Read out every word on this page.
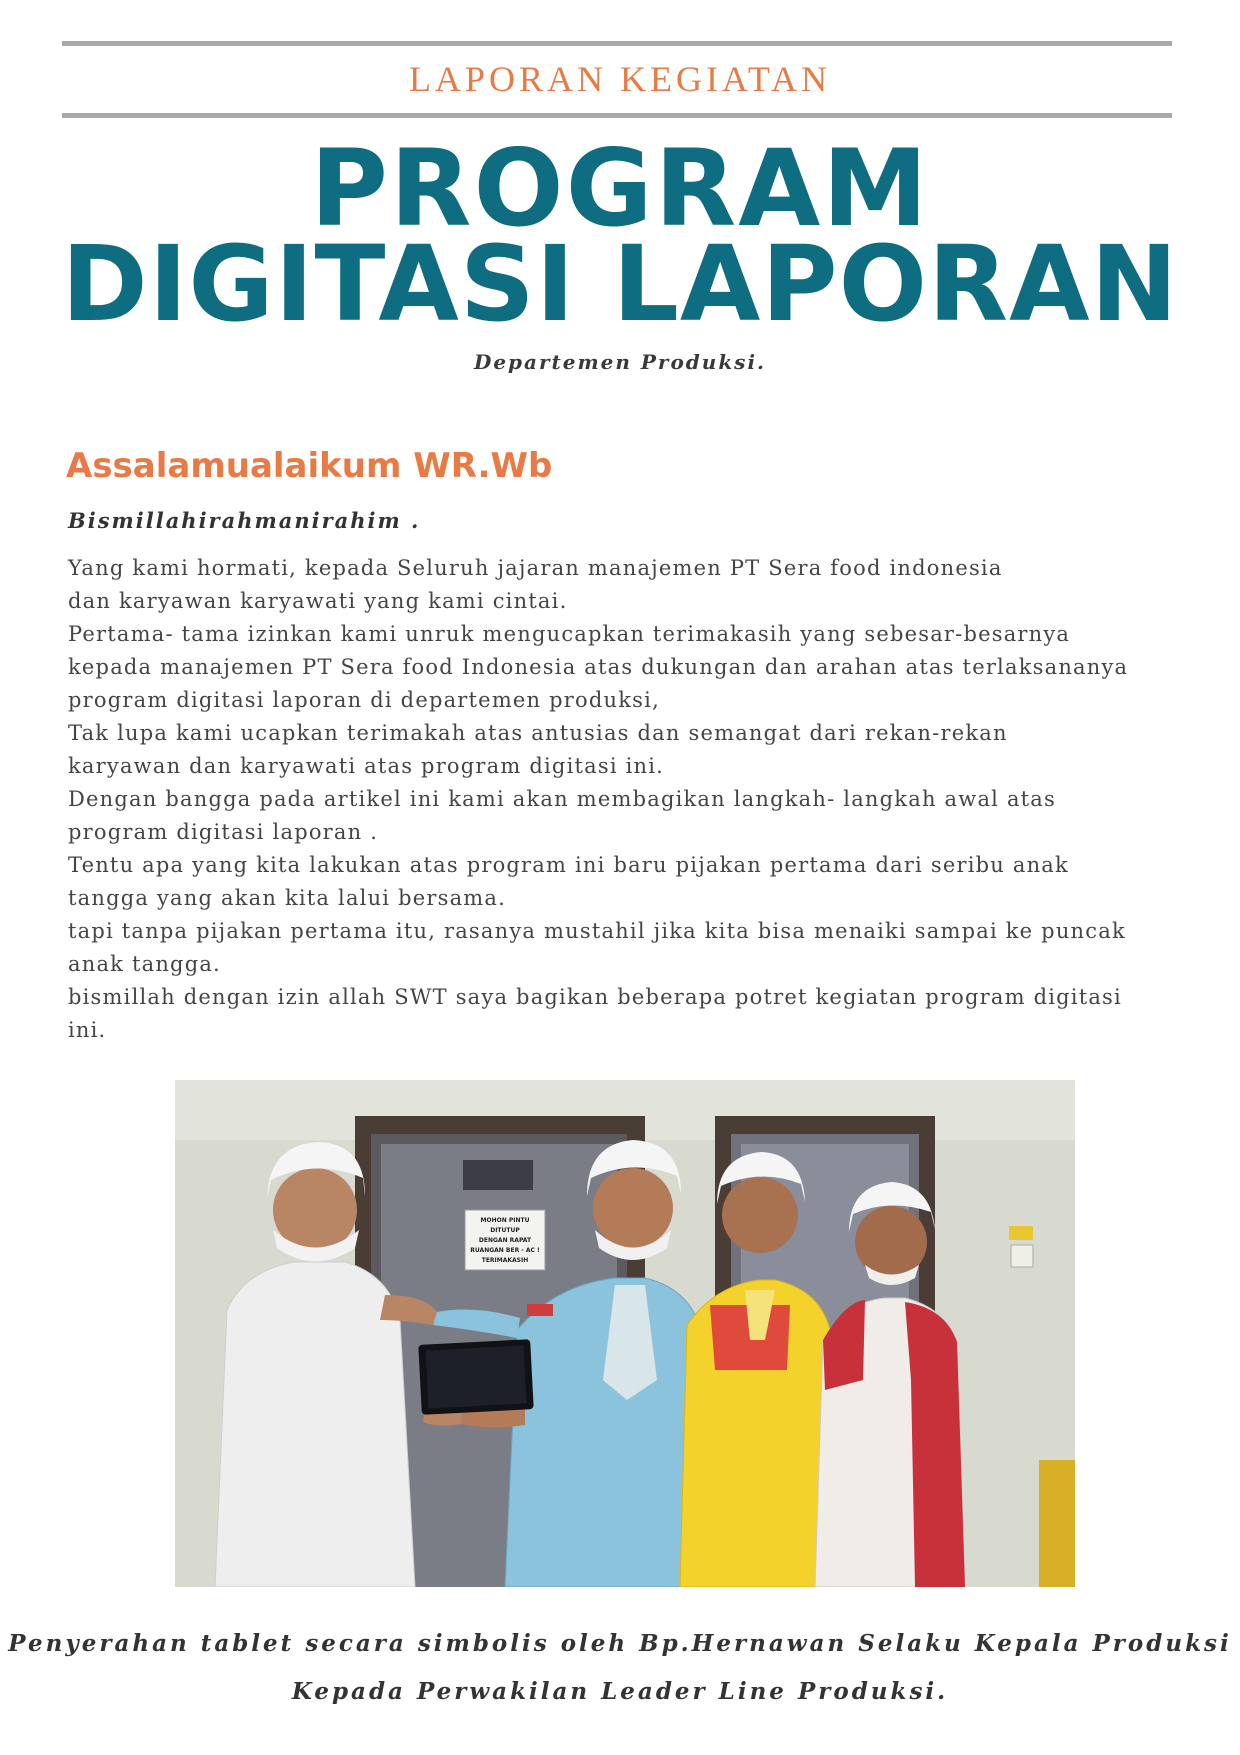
LAPORAN KEGIATAN
PROGRAM
DIGITASI LAPORAN
Departemen Produksi.
Assalamualaikum WR.Wb
Bismillahirahmanirahim .
Yang kami hormati, kepada Seluruh jajaran manajemen PT Sera food indonesia
dan karyawan karyawati yang kami cintai.
Pertama- tama izinkan kami unruk mengucapkan terimakasih yang sebesar-besarnya
kepada manajemen PT Sera food Indonesia atas dukungan dan arahan atas terlaksananya
program digitasi laporan di departemen produksi,
Tak lupa kami ucapkan terimakah atas antusias dan semangat dari rekan-rekan
karyawan dan karyawati atas program digitasi ini.
Dengan bangga pada artikel ini kami akan membagikan langkah- langkah awal atas
program digitasi laporan .
Tentu apa yang kita lakukan atas program ini baru pijakan pertama dari seribu anak
tangga yang akan kita lalui bersama.
tapi tanpa pijakan pertama itu, rasanya mustahil jika kita bisa menaiki sampai ke puncak
anak tangga.
bismillah dengan izin allah SWT saya bagikan beberapa potret kegiatan program digitasi
ini.
MOHON PINTU
DITUTUP
DENGAN RAPAT
RUANGAN BER - AC !
TERIMAKASIH
Penyerahan tablet secara simbolis oleh Bp.Hernawan Selaku Kepala Produksi
Kepada Perwakilan Leader Line Produksi.
